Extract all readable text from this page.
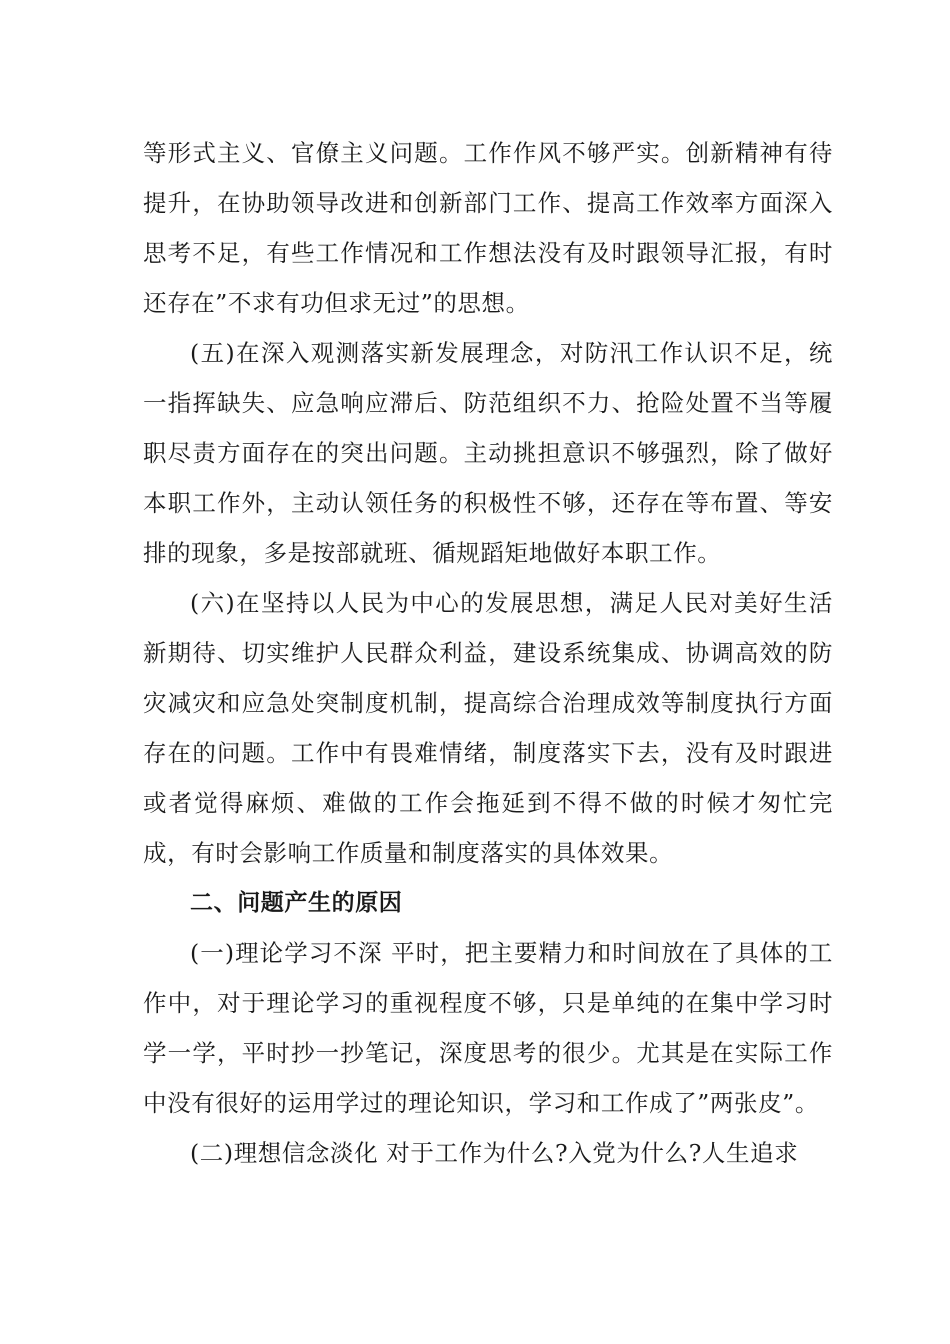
等形式主义、官僚主义问题。工作作风不够严实。创新精神有待提升，在协助领导改进和创新部门工作、提高工作效率方面深入思考不足，有些工作情况和工作想法没有及时跟领导汇报，有时还存在”不求有功但求无过”的思想。

(五)在深入观测落实新发展理念，对防汛工作认识不足，统一指挥缺失、应急响应滞后、防范组织不力、抢险处置不当等履职尽责方面存在的突出问题。主动挑担意识不够强烈，除了做好本职工作外，主动认领任务的积极性不够，还存在等布置、等安排的现象，多是按部就班、循规蹈矩地做好本职工作。

(六)在坚持以人民为中心的发展思想，满足人民对美好生活新期待、切实维护人民群众利益，建设系统集成、协调高效的防灾减灾和应急处突制度机制，提高综合治理成效等制度执行方面存在的问题。工作中有畏难情绪，制度落实下去，没有及时跟进或者觉得麻烦、难做的工作会拖延到不得不做的时候才匆忙完成，有时会影响工作质量和制度落实的具体效果。

二、问题产生的原因

(一)理论学习不深 平时，把主要精力和时间放在了具体的工作中，对于理论学习的重视程度不够，只是单纯的在集中学习时学一学，平时抄一抄笔记，深度思考的很少。尤其是在实际工作中没有很好的运用学过的理论知识，学习和工作成了”两张皮”。

(二)理想信念淡化 对于工作为什么?入党为什么?人生追求
